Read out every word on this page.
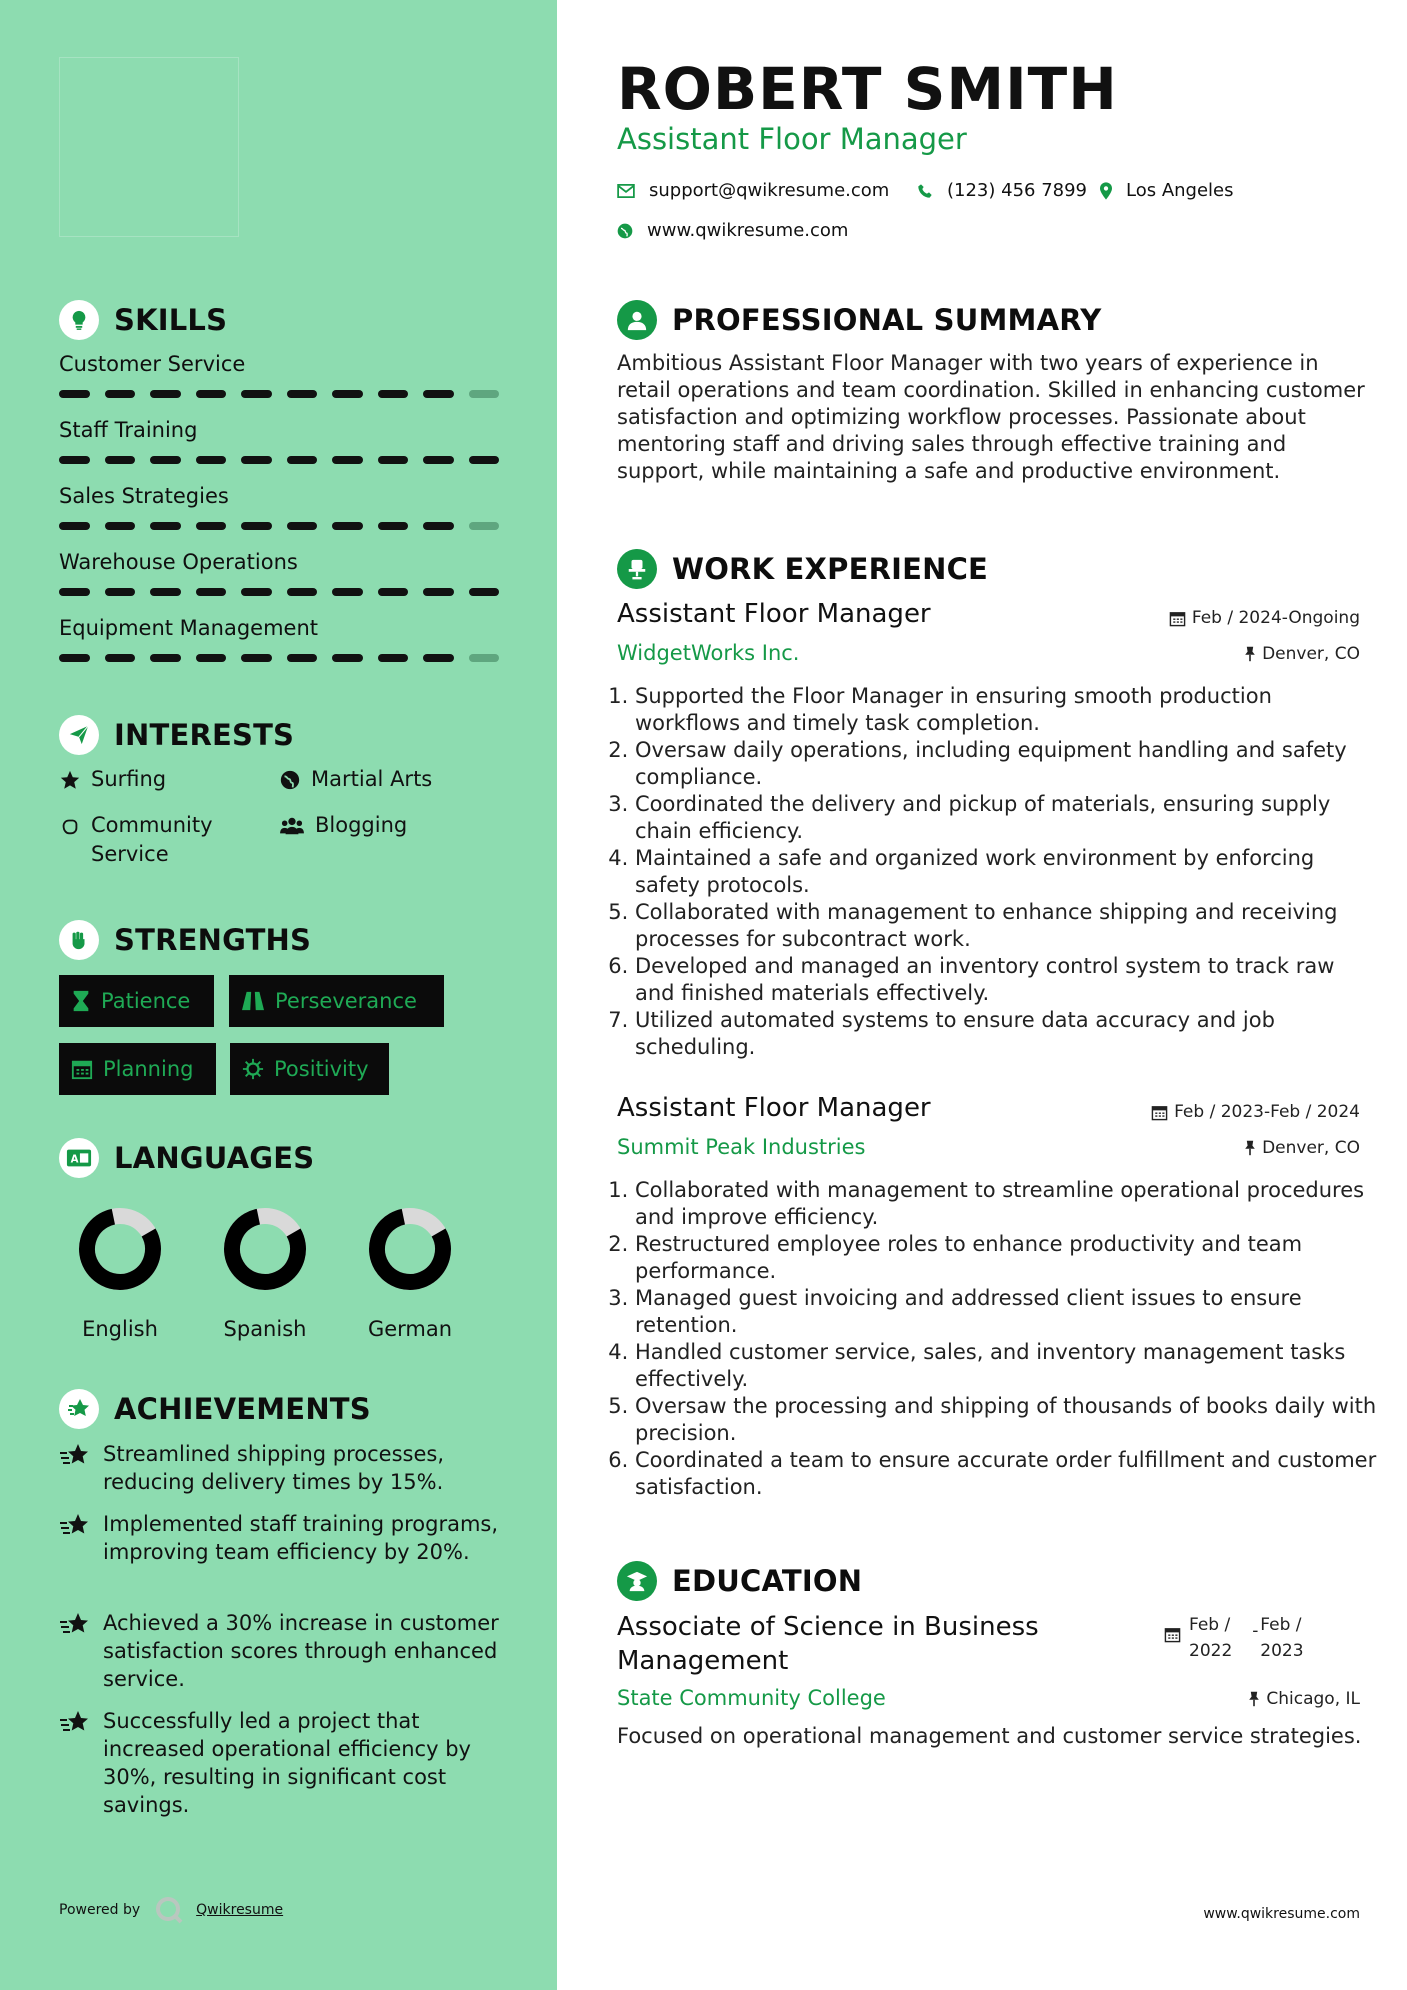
SKILLS
Customer Service
Staff Training
Sales Strategies
Warehouse Operations
Equipment Management
INTERESTS
Surfing	Martial Arts
Community Service
Blogging
STRENGTHS
Patience	Perseverance
Planning	Positivity
A LANGUAGES
English	Spanish	German
ACHIEVEMENTS
Streamlined shipping processes, reducing delivery times by 15%.
Implemented staff training programs, improving team efficiency by 20%.
Achieved a 30% increase in customer satisfaction scores through enhanced service.
Successfully led a project that increased operational efficiency by 30%, resulting in significant cost savings.
Powered by	Qwikresume
ROBERT SMITH
Assistant Floor Manager
support@qwikresume.com	(123) 456 7899 Los Angeles
www.qwikresume.com
PROFESSIONAL SUMMARY
Ambitious Assistant Floor Manager with two years of experience in retail operations and team coordination. Skilled in enhancing customer satisfaction and optimizing workflow processes. Passionate about mentoring staff and driving sales through effective training and support, while maintaining a safe and productive environment.
WORK EXPERIENCE
Assistant Floor Manager	Feb / 2024-Ongoing
WidgetWorks Inc.	Denver, CO
1. Supported the Floor Manager in ensuring smooth production workflows and timely task completion.
2. Oversaw daily operations, including equipment handling and safety compliance.
3. Coordinated the delivery and pickup of materials, ensuring supply chain efficiency.
4. Maintained a safe and organized work environment by enforcing safety protocols.
5. Collaborated with management to enhance shipping and receiving processes for subcontract work.
6. Developed and managed an inventory control system to track raw and finished materials effectively.
7. Utilized automated systems to ensure data accuracy and job scheduling.
Assistant Floor Manager	Feb / 2023-Feb / 2024
Summit Peak Industries	Denver, CO
1. Collaborated with management to streamline operational procedures and improve efficiency.
2. Restructured employee roles to enhance productivity and team performance.
3. Managed guest invoicing and addressed client issues to ensure retention.
4. Handled customer service, sales, and inventory management tasks effectively.
5. Oversaw the processing and shipping of thousands of books daily with precision.
6. Coordinated a team to ensure accurate order fulfillment and customer satisfaction.
EDUCATION
Associate of Science in Business Management
Feb /
2022
- Feb /
2023
State Community College	Chicago, IL
Focused on operational management and customer service strategies.
www.qwikresume.com
